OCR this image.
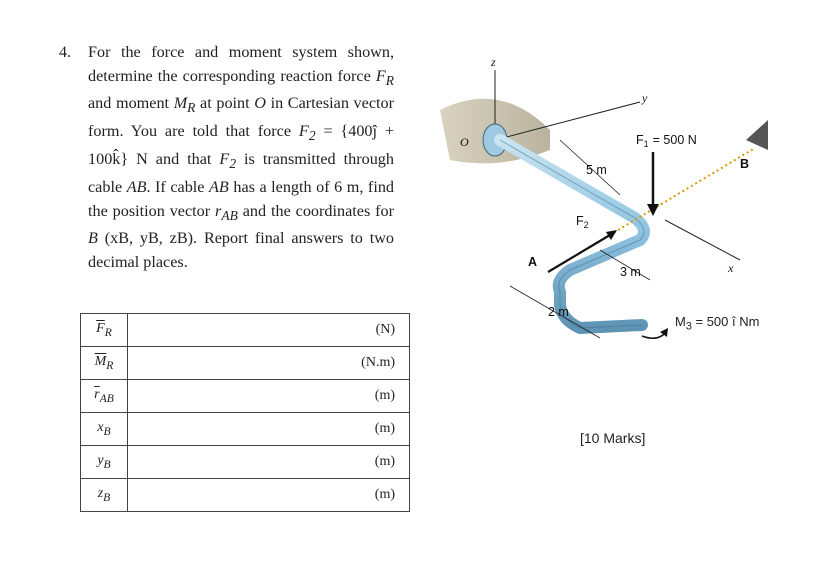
4. For the force and moment system shown, determine the corresponding reaction force $F_R$ and moment $M_R$ at point O in Cartesian vector form. You are told that force $F_2$ = {400ĵ + 100k̂} N and that $F_2$ is transmitted through cable AB. If cable AB has a length of 6 m, find the position vector $r_{AB}$ and the coordinates for B (xB, yB, zB). Report final answers to two decimal places.
$\overline{F}_R$	(N)
$\overline{M}_R$	(N.m)
$\overline{r}_{AB}$	(m)
$x_B$	(m)
$y_B$	(m)
$z_B$	(m)
z
y
x
O
B
A
$F_2$
$F_1 = 500$ N
5 m
3 m
2 m
$M_3 = 500$ î Nm
[10 Marks]
